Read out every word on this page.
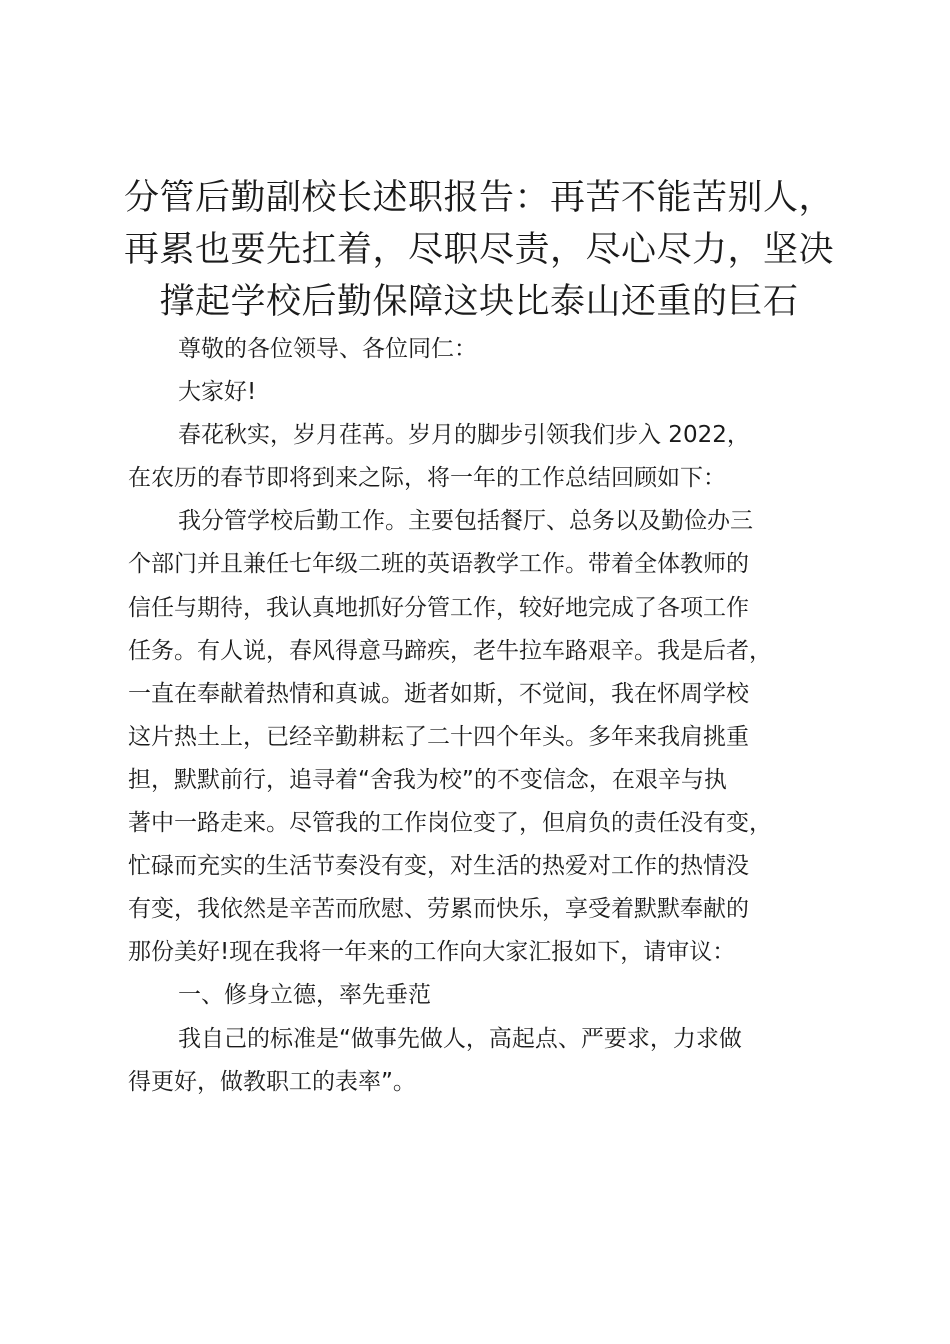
分管后勤副校长述职报告：再苦不能苦别人，
再累也要先扛着，尽职尽责，尽心尽力，坚决
撑起学校后勤保障这块比泰山还重的巨石
尊敬的各位领导、各位同仁：
大家好!
春花秋实，岁月荏苒。岁月的脚步引领我们步入 2022，
在农历的春节即将到来之际，将一年的工作总结回顾如下：
我分管学校后勤工作。主要包括餐厅、总务以及勤俭办三
个部门并且兼任七年级二班的英语教学工作。带着全体教师的
信任与期待，我认真地抓好分管工作，较好地完成了各项工作
任务。有人说，春风得意马蹄疾，老牛拉车路艰辛。我是后者，
一直在奉献着热情和真诚。逝者如斯，不觉间，我在怀周学校
这片热土上，已经辛勤耕耘了二十四个年头。多年来我肩挑重
担，默默前行，追寻着“舍我为校”的不变信念，在艰辛与执
著中一路走来。尽管我的工作岗位变了，但肩负的责任没有变，
忙碌而充实的生活节奏没有变，对生活的热爱对工作的热情没
有变，我依然是辛苦而欣慰、劳累而快乐，享受着默默奉献的
那份美好!现在我将一年来的工作向大家汇报如下，请审议：
一、修身立德，率先垂范
我自己的标准是“做事先做人，高起点、严要求，力求做
得更好，做教职工的表率”。
